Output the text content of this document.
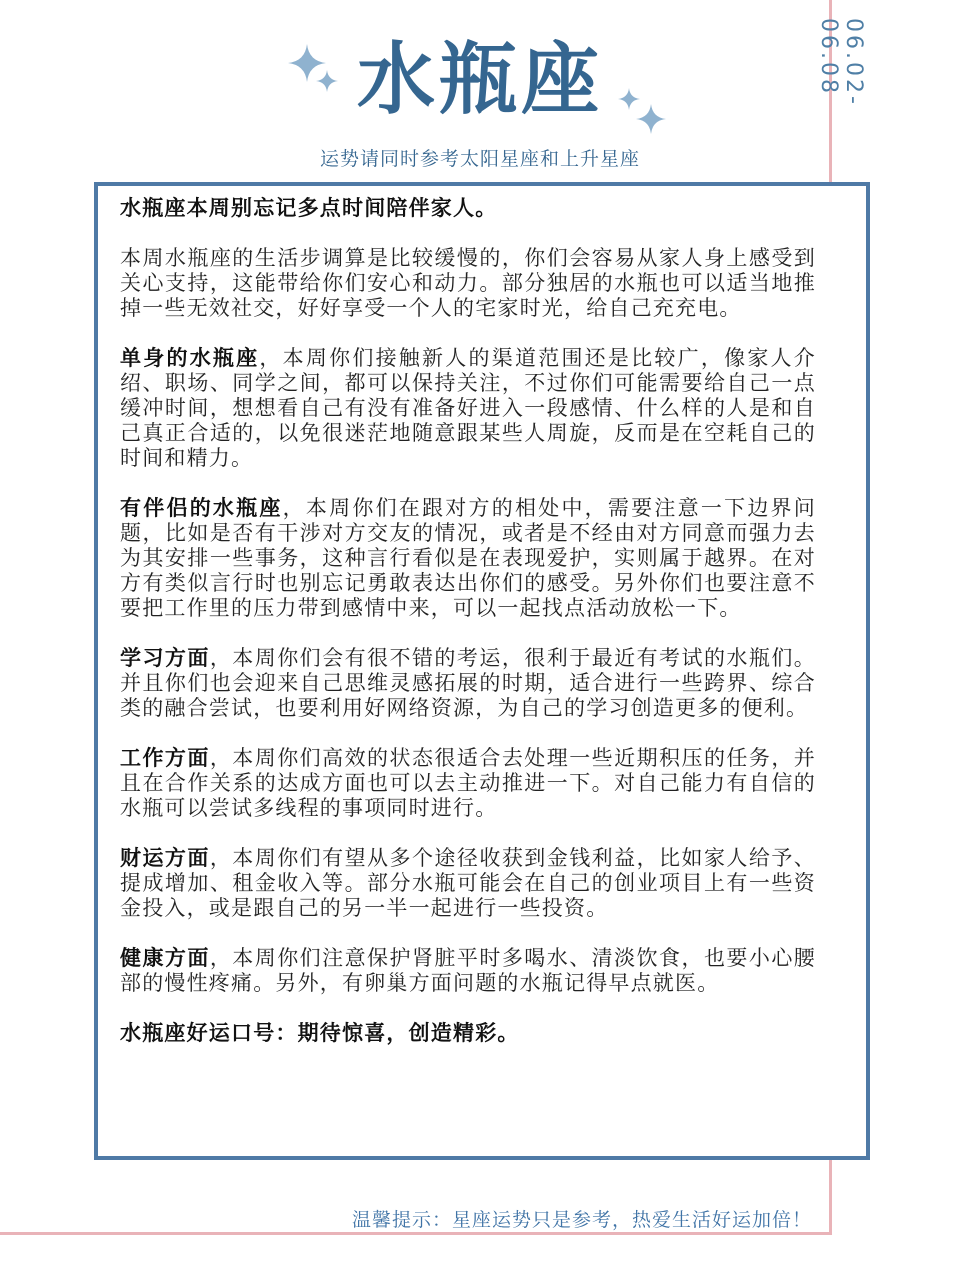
06.02-06.08
水瓶座
运势请同时参考太阳星座和上升星座

水瓶座本周别忘记多点时间陪伴家人。

本周水瓶座的生活步调算是比较缓慢的，你们会容易从家人身上感受到关心支持，这能带给你们安心和动力。部分独居的水瓶也可以适当地推掉一些无效社交，好好享受一个人的宅家时光，给自己充充电。

单身的水瓶座，本周你们接触新人的渠道范围还是比较广，像家人介绍、职场、同学之间，都可以保持关注，不过你们可能需要给自己一点缓冲时间，想想看自己有没有准备好进入一段感情、什么样的人是和自己真正合适的，以免很迷茫地随意跟某些人周旋，反而是在空耗自己的时间和精力。

有伴侣的水瓶座，本周你们在跟对方的相处中，需要注意一下边界问题，比如是否有干涉对方交友的情况，或者是不经由对方同意而强力去为其安排一些事务，这种言行看似是在表现爱护，实则属于越界。在对方有类似言行时也别忘记勇敢表达出你们的感受。另外你们也要注意不要把工作里的压力带到感情中来，可以一起找点活动放松一下。

学习方面，本周你们会有很不错的考运，很利于最近有考试的水瓶们。并且你们也会迎来自己思维灵感拓展的时期，适合进行一些跨界、综合类的融合尝试，也要利用好网络资源，为自己的学习创造更多的便利。

工作方面，本周你们高效的状态很适合去处理一些近期积压的任务，并且在合作关系的达成方面也可以去主动推进一下。对自己能力有自信的水瓶可以尝试多线程的事项同时进行。

财运方面，本周你们有望从多个途径收获到金钱利益，比如家人给予、提成增加、租金收入等。部分水瓶可能会在自己的创业项目上有一些资金投入，或是跟自己的另一半一起进行一些投资。

健康方面，本周你们注意保护肾脏平时多喝水、清淡饮食，也要小心腰部的慢性疼痛。另外，有卵巢方面问题的水瓶记得早点就医。

水瓶座好运口号：期待惊喜，创造精彩。

温馨提示：星座运势只是参考，热爱生活好运加倍！
